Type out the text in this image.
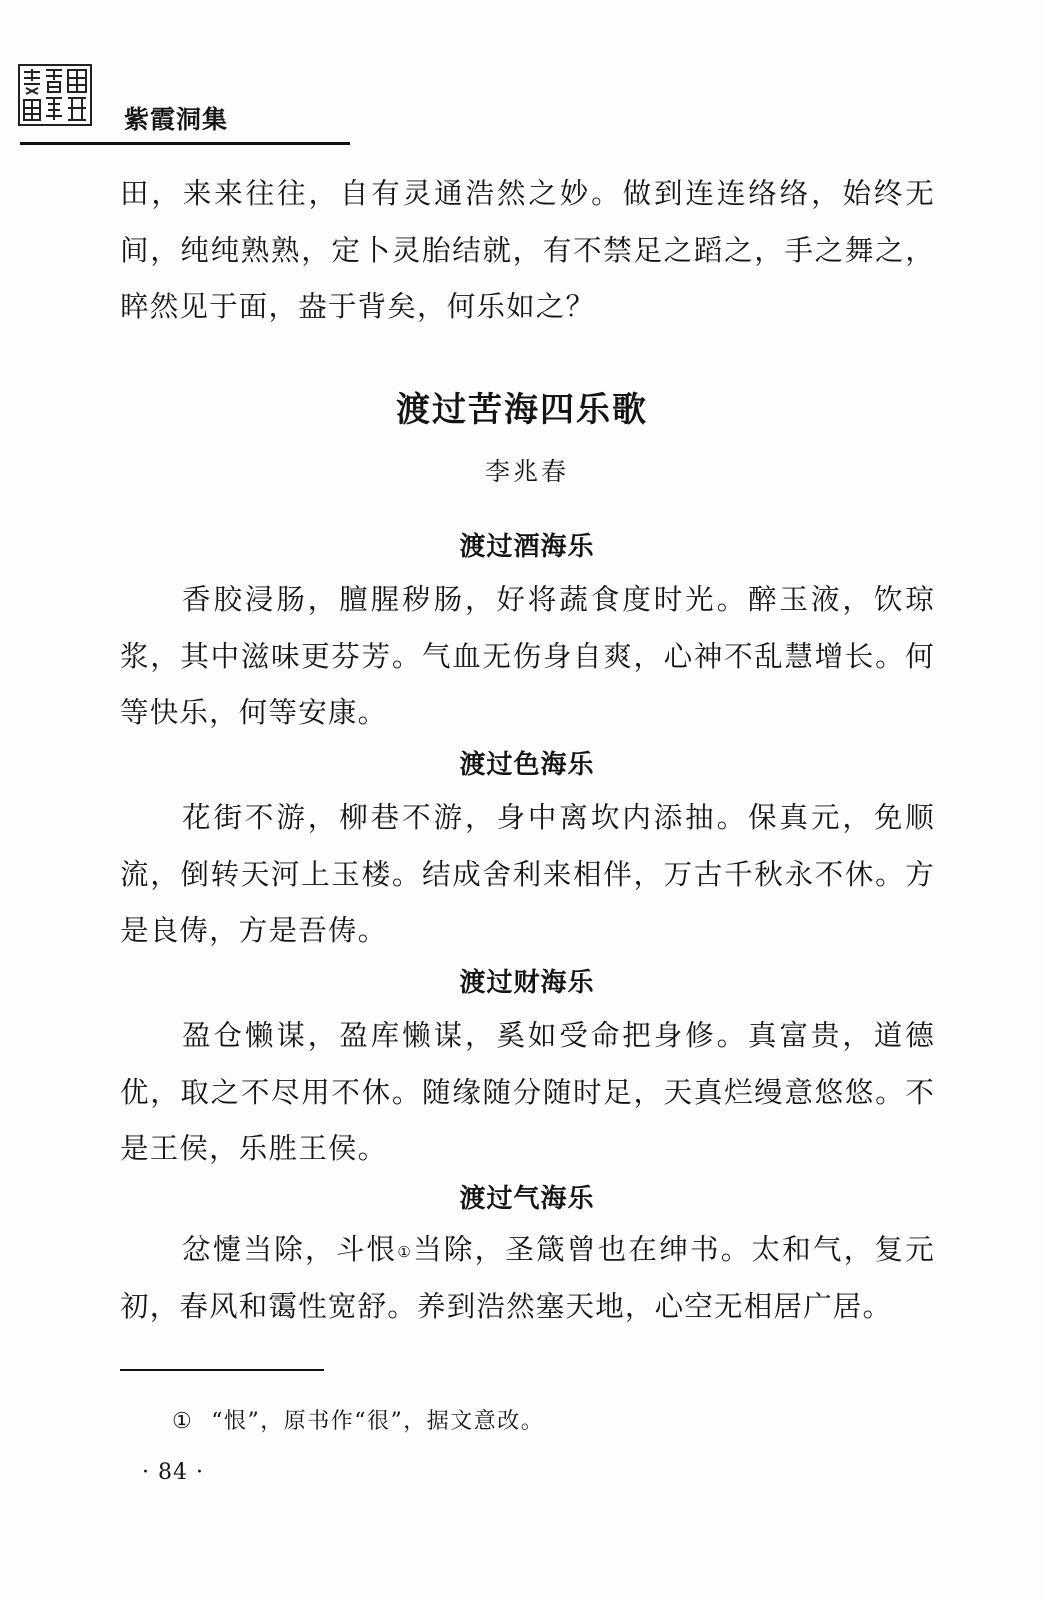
紫霞洞集

田，来来往往，自有灵通浩然之妙。做到连连络络，始终无间，纯纯熟熟，定卜灵胎结就，有不禁足之蹈之，手之舞之，睟然见于面，盎于背矣，何乐如之？

渡过苦海四乐歌
李兆春
渡过酒海乐

香胶浸肠，膻腥秽肠，好将蔬食度时光。醉玉液，饮琼浆，其中滋味更芬芳。气血无伤身自爽，心神不乱慧增长。何等快乐，何等安康。

渡过色海乐

花街不游，柳巷不游，身中离坎内添抽。保真元，免顺流，倒转天河上玉楼。结成舍利来相伴，万古千秋永不休。方是良俦，方是吾俦。

渡过财海乐

盈仓懒谋，盈库懒谋，奚如受命把身修。真富贵，道德优，取之不尽用不休。随缘随分随时足，天真烂缦意悠悠。不是王侯，乐胜王侯。

渡过气海乐

忿懥当除，斗恨①当除，圣箴曾也在绅书。太和气，复元初，春风和霭性宽舒。养到浩然塞天地，心空无相居广居。

① “恨”，原书作“很”，据文意改。
· 84 ·
